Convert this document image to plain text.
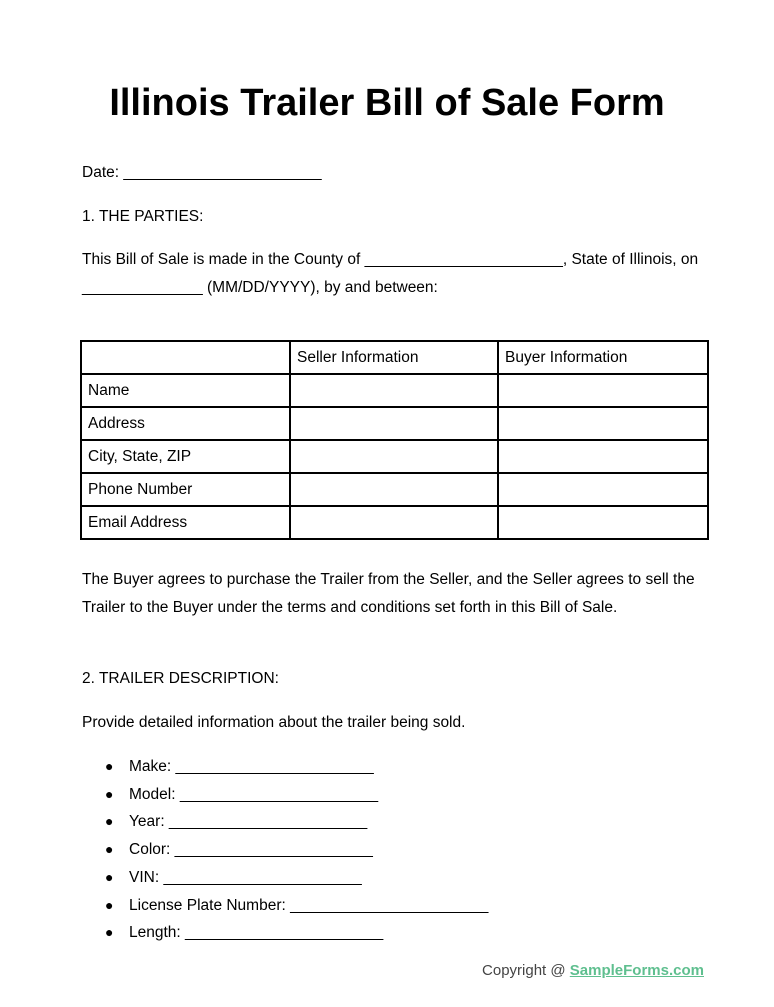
Illinois Trailer Bill of Sale Form
Date: _______________________
1. THE PARTIES:
This Bill of Sale is made in the County of _______________________, State of Illinois, on ______________ (MM/DD/YYYY), by and between:
	Seller Information	Buyer Information
Name		
Address		
City, State, ZIP		
Phone Number		
Email Address		
The Buyer agrees to purchase the Trailer from the Seller, and the Seller agrees to sell the Trailer to the Buyer under the terms and conditions set forth in this Bill of Sale.
2. TRAILER DESCRIPTION:
Provide detailed information about the trailer being sold.
● Make: _______________________
● Model: _______________________
● Year: _______________________
● Color: _______________________
● VIN: _______________________
● License Plate Number: _______________________
● Length: _______________________
Copyright @ SampleForms.com
